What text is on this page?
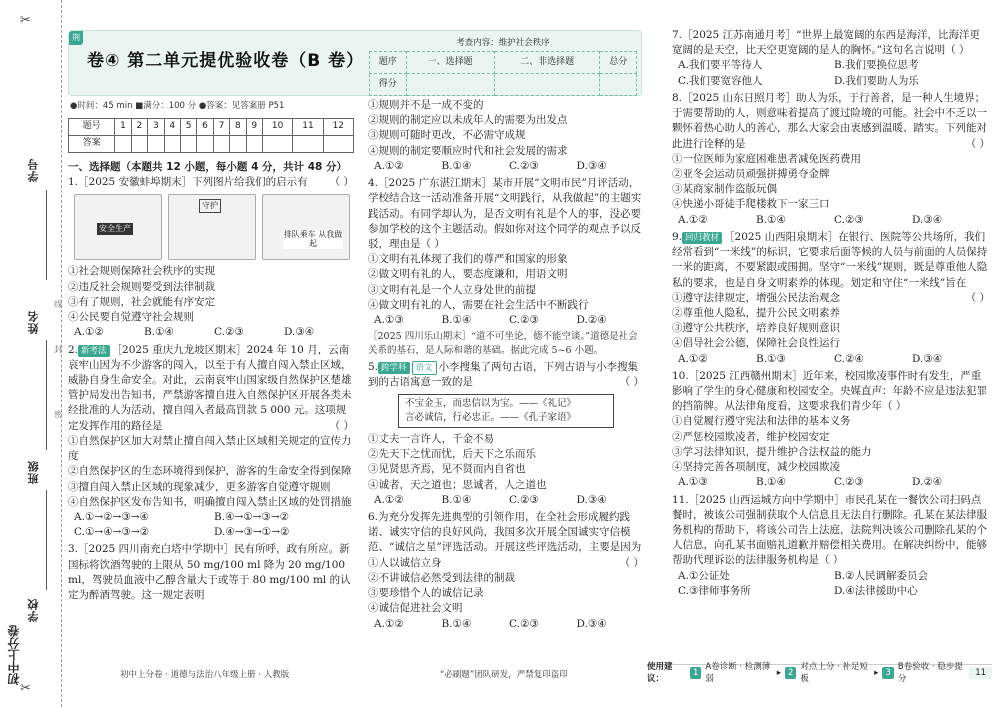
✂
学号
姓名
班级
学校
线
封
密
初中上分卷
✂
荆
卷④ 第二单元提优验收卷（B 卷）
考查内容：维护社会秩序
题序	一、选择题	二、非选择题	总分
得分			
●时间：45 min ■满分：100 分 ●答案：见答案册 P51
题号	1	2	3	4	5	6	7	8	9	10	11	12
答案												
一、选择题（本题共 12 小题，每小题 4 分，共计 48 分）

1.［2025 安徽蚌埠期末］下列图片给我们的启示有 （ ）

安全生产
守护
排队乘车 从我做起

①社会规则保障社会秩序的实现

②违反社会规则要受到法律制裁

③有了规则，社会就能有序安定

④公民要自觉遵守社会规则

A.①②	B.①④	C.②③	D.③④

2. 新考法 ［2025 重庆九龙坡区期末］2024 年 10 月，云南哀牢山因为不少游客的闯入，以至于有人擅自闯入禁止区域，威胁自身生命安全。对此，云南哀牢山国家级自然保护区楚雄管护局发出告知书，严禁游客擅自进入自然保护区开展各类未经批准的人为活动，擅自闯入者最高罚款 5 000 元。这项规定发挥作用的路径是	（ ）

①自然保护区加大对禁止擅自闯入禁止区域相关规定的宣传力度

②自然保护区的生态环境得到保护，游客的生命安全得到保障

③擅自闯入禁止区域的现象减少，更多游客自觉遵守规则

④自然保护区发布告知书，明确擅自闯入禁止区域的处罚措施

A.①→②→③→④	B.④→①→③→②
C.①→④→③→②	D.④→③→①→②

3.［2025 四川南充白塔中学期中］民有所呼，政有所应。新国标将饮酒驾驶的上限从 50 mg/100 ml 降为 20 mg/100 ml，驾驶员血液中乙醇含量大于或等于 80 mg/100 ml 的认定为醉酒驾驶。这一规定表明

①规则并不是一成不变的

②规则的制定应以未成年人的需要为出发点

③规则可随时更改，不必需守成规

④规则的制定要顺应时代和社会发展的需求

A.①②	B.①④	C.②③	D.③④

4.［2025 广东湛江期末］某市开展“文明市民”月评活动，学校结合这一活动准备开展“文明践行，从我做起”的主题实践活动。有同学却认为，是否文明有礼是个人的事，没必要参加学校的这个主题活动。假如你对这个同学的观点予以反驳，理由是（ ）

①文明有礼体现了我们的尊严和国家的形象

②做文明有礼的人，要态度谦和，用语文明

③文明有礼是一个人立身处世的前提

④做文明有礼的人，需要在社会生活中不断践行

A.①③	B.①④	C.②③	D.②④

［2025 四川乐山期末］“道不可坐论，德不能空谈。”道德是社会关系的基石，是人际和谐的基础。据此完成 5~6 小题。

5. 跨学科 语文 小李搜集了两句古语，下列古语与小李搜集到的古语寓意一致的是	（ ）

不宝金玉，而忠信以为宝。——《礼记》

言必诚信，行必忠正。——《孔子家语》

①丈夫一言许人，千金不易

②先天下之忧而忧，后天下之乐而乐

③见贤思齐焉，见不贤而内自省也

④诚者，天之道也；思诚者，人之道也

A.①②	B.①④	C.②③	D.③④

6.为充分发挥先进典型的引领作用，在全社会形成履约践诺、诚实守信的良好风尚，我国多次开展全国诚实守信模范、“诚信之星”评选活动。开展这些评选活动，主要是因为
（ ）

①人以诚信立身

②不讲诚信必然受到法律的制裁

③要珍惜个人的诚信记录

④诚信促进社会文明

A.①②	B.①④	C.②③	D.③④

7.［2025 江苏南通月考］“世界上最宽阔的东西是海洋，比海洋更宽阔的是天空，比天空更宽阔的是人的胸怀。”这句名言说明（ ）

A.我们要平等待人	B.我们要换位思考
C.我们要宽容他人	D.我们要助人为乐

8.［2025 山东日照月考］助人为乐，于行善者，是一种人生境界；于需要帮助的人，则意味着提高了渡过险境的可能。社会中不乏以一颗怀着热心助人的善心，那么大家会由衷感到温暖、踏实。下列能对此进行诠释的是	（ ）

①一位医师为家庭困难患者减免医药费用

②亚冬会运动员顽强拼搏勇夺金牌

③某商家制作盗版玩偶

④快递小哥徒手爬楼救下一家三口

A.①②	B.①④	C.②③	D.③④

9. 回归教材 ［2025 山西阳泉期末］在银行、医院等公共场所，我们经常看到“一米线”的标识，它要求后面等候的人员与前面的人员保持一米的距离，不要紧跟或围拥。坚守“一米线”规则，既是尊重他人隐私的要求，也是自身文明素养的体现。划定和守住“一米线”旨在
（ ）

①遵守法律规定，增强公民法治观念

②尊重他人隐私，提升公民文明素养

③遵守公共秩序，培养良好规则意识

④倡导社会公德，保障社会良性运行

A.①②	B.①③	C.②④	D.③④

10.［2025 江西赣州期末］近年来，校园欺凌事件时有发生，严重影响了学生的身心健康和校园安全。央媒直声：年龄不应是违法犯罪的挡箭牌。从法律角度看，这要求我们青少年（ ）

①自觉履行遵守宪法和法律的基本义务

②严惩校园欺凌者，维护校园安定

③学习法律知识，提升维护合法权益的能力

④坚持完善各项制度，减少校园欺凌

A.①③	B.①④	C.②③	D.②④

11.［2025 山西运城方向中学期中］市民孔某在一餐饮公司扫码点餐时，被该公司强制获取个人信息且无法自行删除。孔某在某法律服务机构的帮助下，将该公司告上法庭，法院判决该公司删除孔某的个人信息，向孔某书面赔礼道歉并赔偿相关费用。在解决纠纷中，能够帮助代理诉讼的法律服务机构是（ ）

A.①公证处	B.②人民调解委员会
C.③律师事务所	D.④法律援助中心
初中上分卷 · 道德与法治八年级上册 · 人教版	“必刷题”团队研发，严禁复印盗印
使用建议：
1
A卷诊断 · 检测薄弱
▸ 2
对点上分 · 补足短板
▸ 3
B卷验收 · 稳步提分
11
